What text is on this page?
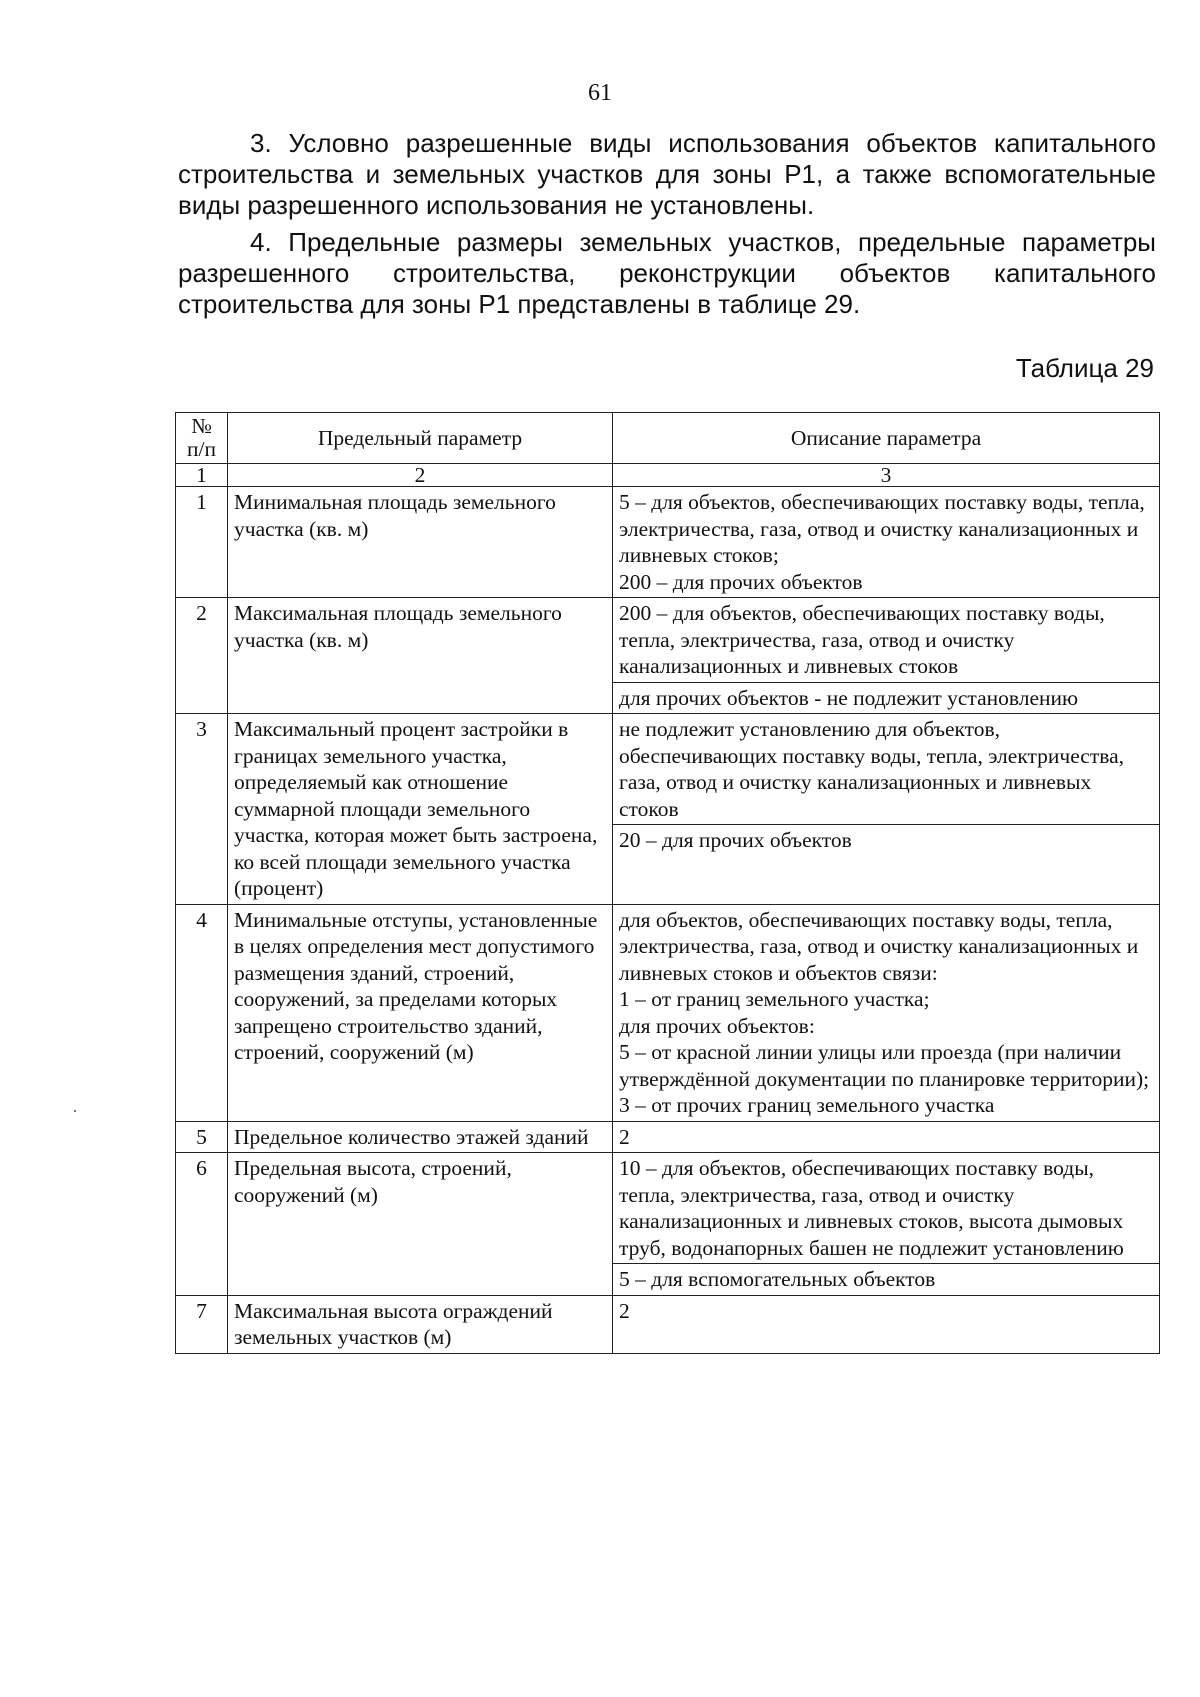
61

3. Условно разрешенные виды использования объектов капитального строительства и земельных участков для зоны Р1, а также вспомогательные виды разрешенного использования не установлены.

4. Предельные размеры земельных участков, предельные параметры разрешенного строительства, реконструкции объектов капитального строительства для зоны Р1 представлены в таблице 29.

Таблица 29
№ п/п	Предельный параметр	Описание параметра
1	2	3
1	Минимальная площадь земельного участка (кв. м)	5 – для объектов, обеспечивающих поставку воды, тепла, электричества, газа, отвод и очистку канализационных и ливневых стоков;
200 – для прочих объектов

2	Максимальная площадь земельного участка (кв. м)	200 – для объектов, обеспечивающих поставку воды, тепла, электричества, газа, отвод и очистку канализационных и ливневых стоков
для прочих объектов - не подлежит установлению

3	Максимальный процент застройки в границах земельного участка, определяемый как отношение суммарной площади земельного участка, которая может быть застроена, ко всей площади земельного участка (процент)	не подлежит установлению для объектов, обеспечивающих поставку воды, тепла, электричества, газа, отвод и очистку канализационных и ливневых стоков
20 – для прочих объектов

4	Минимальные отступы, установленные в целях определения мест допустимого размещения зданий, строений, сооружений, за пределами которых запрещено строительство зданий, строений, сооружений (м)	для объектов, обеспечивающих поставку воды, тепла, электричества, газа, отвод и очистку канализационных и ливневых стоков и объектов связи:
1 – от границ земельного участка;
для прочих объектов:
5 – от красной линии улицы или проезда (при наличии утверждённой документации по планировке территории);
3 – от прочих границ земельного участка

5	Предельное количество этажей зданий	2

6	Предельная высота, строений, сооружений (м)	10 – для объектов, обеспечивающих поставку воды, тепла, электричества, газа, отвод и очистку канализационных и ливневых стоков, высота дымовых труб, водонапорных башен не подлежит установлению
5 – для вспомогательных объектов

7	Максимальная высота ограждений земельных участков (м)	2
